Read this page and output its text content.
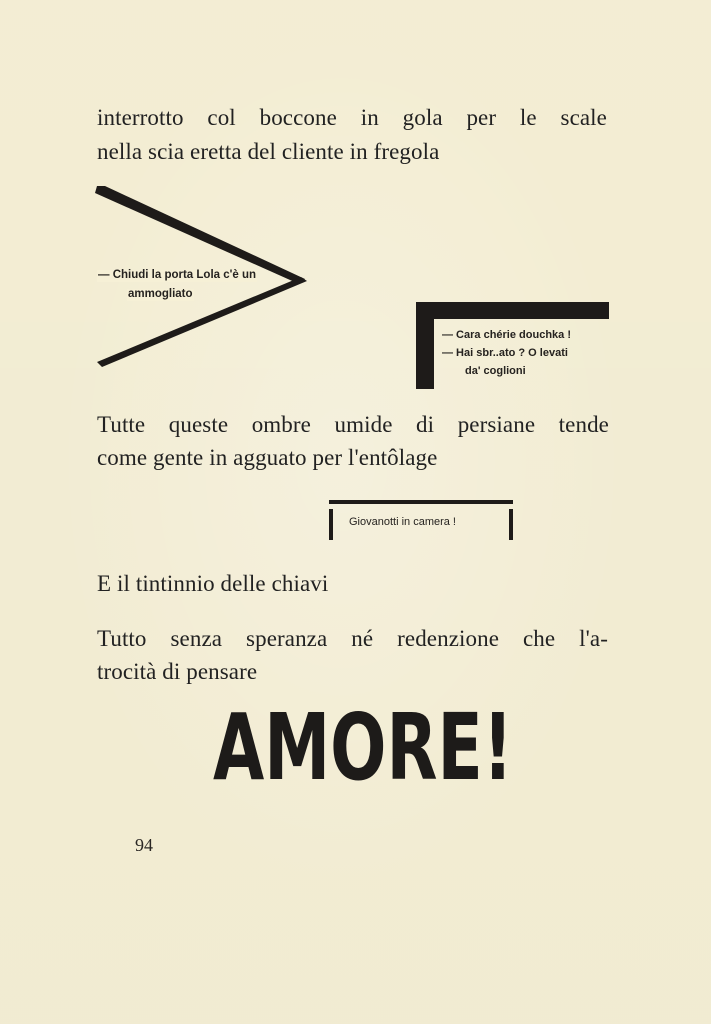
interrotto col boccone in gola per le scale

nella scia eretta del cliente in fregola

— Chiudi la porta Lola c'è un

ammogliato

— Cara chérie douchka !

— Hai sbr..ato ? O levati

da' coglioni

Tutte queste ombre umide di persiane tende

come gente in agguato per l'entôlage

Giovanotti in camera !

E il tintinnio delle chiavi

Tutto senza speranza né redenzione che l'a-

trocità di pensare

AMORE!

94
